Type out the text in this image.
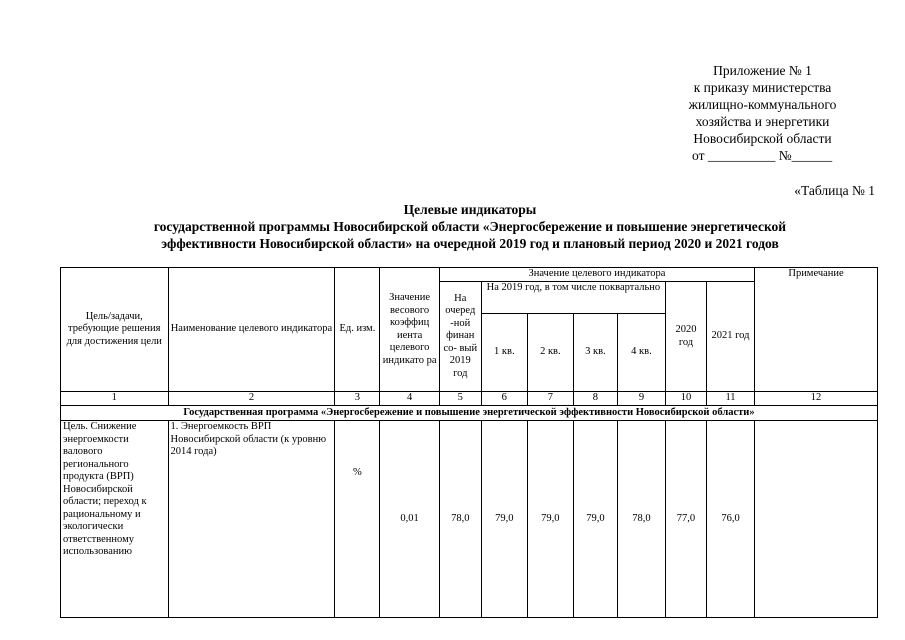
Приложение № 1
к приказу министерства
жилищно-коммунального
хозяйства и энергетики
Новосибирской области
от __________ №______
«Таблица № 1
Целевые индикаторы
государственной программы Новосибирской области «Энергосбережение и повышение энергетической
эффективности Новосибирской области» на очередной 2019 год и плановый период 2020 и 2021 годов
Цель/задачи, требующие решения для достижения цели	Наименование целевого индикатора	Ед. изм.	Значение весового коэффиц иента целевого индикато ра	Значение целевого индикатора							Примечание
				На очеред -ной финан со- вый 2019 год	На 2019 год, в том числе поквартально				2020 год	2021 год	
					1 кв.	2 кв.	3 кв.	4 кв.			
1	2	3	4	5	6	7	8	9	10	11	12
Государственная программа «Энергосбережение и повышение энергетической эффективности Новосибирской области»											
Цель. Снижение энергоемкости валового регионального продукта (ВРП) Новосибирской области; переход к рациональному и экологически ответственному использованию	1. Энергоемкость ВРП Новосибирской области (к уровню 2014 года)	%	0,01	78,0	79,0	79,0	79,0	78,0	77,0	76,0	
